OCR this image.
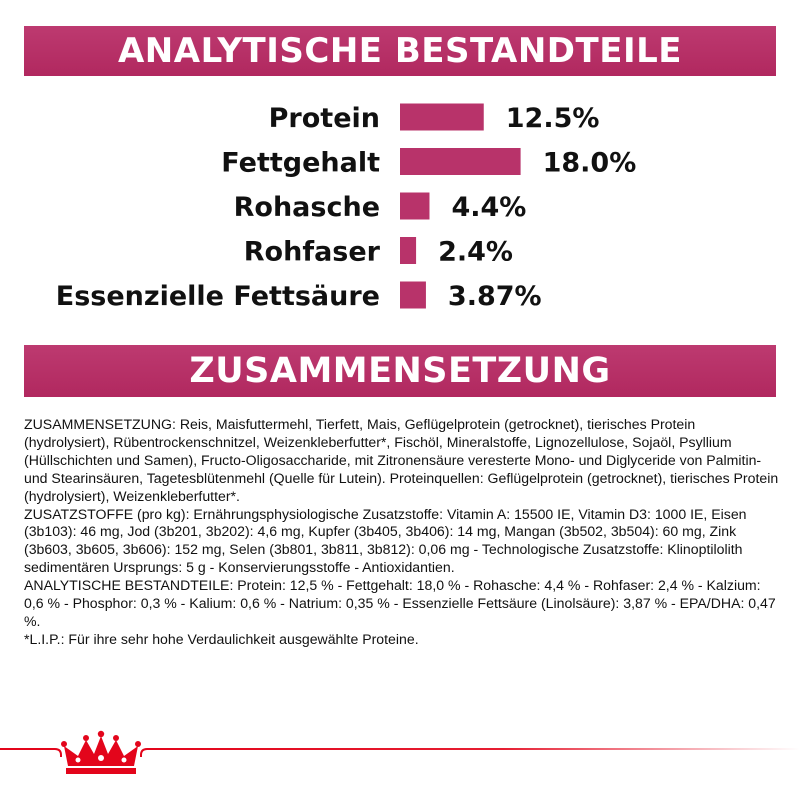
ANALYTISCHE BESTANDTEILE
Protein	12.5%
Fettgehalt	18.0%
Rohasche	4.4%
Rohfaser 2.4%
Essenzielle Fettsäure	3.87%
ZUSAMMENSETZUNG

ZUSAMMENSETZUNG: Reis, Maisfuttermehl, Tierfett, Mais, Geflügelprotein (getrocknet), tierisches Protein (hydrolysiert), Rübentrockenschnitzel, Weizenkleberfutter*, Fischöl, Mineralstoffe, Lignozellulose, Sojaöl, Psyllium (Hüllschichten und Samen), Fructo-Oligosaccharide, mit Zitronensäure veresterte Mono- und Diglyceride von Palmitin- und Stearinsäuren, Tagetesblütenmehl (Quelle für Lutein). Proteinquellen: Geflügelprotein (getrocknet), tierisches Protein (hydrolysiert), Weizenkleberfutter*.

ZUSATZSTOFFE (pro kg): Ernährungsphysiologische Zusatzstoffe: Vitamin A: 15500 IE, Vitamin D3: 1000 IE, Eisen (3b103): 46 mg, Jod (3b201, 3b202): 4,6 mg, Kupfer (3b405, 3b406): 14 mg, Mangan (3b502, 3b504): 60 mg, Zink (3b603, 3b605, 3b606): 152 mg, Selen (3b801, 3b811, 3b812): 0,06 mg - Technologische Zusatzstoffe: Klinoptilolith sedimentären Ursprungs: 5 g - Konservierungsstoffe - Antioxidantien.

ANALYTISCHE BESTANDTEILE: Protein: 12,5 % - Fettgehalt: 18,0 % - Rohasche: 4,4 % - Rohfaser: 2,4 % - Kalzium: 0,6 % - Phosphor: 0,3 % - Kalium: 0,6 % - Natrium: 0,35 % - Essenzielle Fettsäure (Linolsäure): 3,87 % - EPA/DHA: 0,47 %.

*L.I.P.: Für ihre sehr hohe Verdaulichkeit ausgewählte Proteine.
